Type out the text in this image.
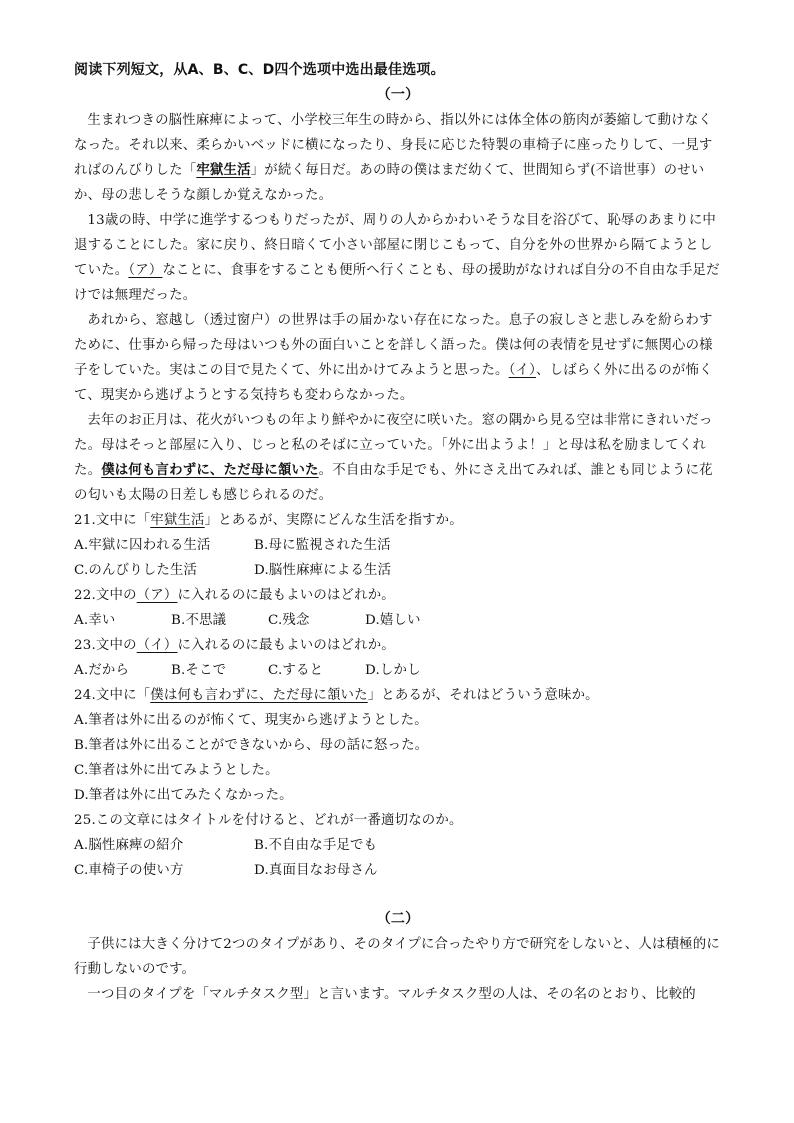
阅读下列短文，从A、B、C、D四个选项中选出最佳选项。
（一）

生まれつきの脳性麻痺によって、小学校三年生の時から、指以外には体全体の筋肉が萎縮して動けなくなった。それ以来、柔らかいベッドに横になったり、身長に応じた特製の車椅子に座ったりして、一見すればのんびりした「牢獄生活」が続く毎日だ。あの時の僕はまだ幼くて、世間知らず(不谙世事）のせいか、母の悲しそうな顔しか覚えなかった。

13歳の時、中学に進学するつもりだったが、周りの人からかわいそうな目を浴びて、恥辱のあまりに中退することにした。家に戻り、終日暗くて小さい部屋に閉じこもって、自分を外の世界から隔てようとしていた。（ア）なことに、食事をすることも便所へ行くことも、母の援助がなければ自分の不自由な手足だけでは無理だった。

あれから、窓越し（透过窗户）の世界は手の届かない存在になった。息子の寂しさと悲しみを紛らわすために、仕事から帰った母はいつも外の面白いことを詳しく語った。僕は何の表情を見せずに無関心の様子をしていた。実はこの目で見たくて、外に出かけてみようと思った。（イ）、しばらく外に出るのが怖くて、現実から逃げようとする気持ちも変わらなかった。

去年のお正月は、花火がいつもの年より鮮やかに夜空に咲いた。窓の隅から見る空は非常にきれいだった。母はそっと部屋に入り、じっと私のそばに立っていた。「外に出ようよ！」と母は私を励ましてくれた。僕は何も言わずに、ただ母に頷いた。不自由な手足でも、外にさえ出てみれば、誰とも同じように花の匂いも太陽の日差しも感じられるのだ。

21.文中に「牢獄生活」とあるが、実際にどんな生活を指すか。

A.牢獄に囚われる生活	B.母に監視された生活
C.のんびりした生活	D.脳性麻痺による生活

22.文中の（ア）に入れるのに最もよいのはどれか。

A.幸い	B.不思議	C.残念	D.嬉しい

23.文中の（イ）に入れるのに最もよいのはどれか。

A.だから	B.そこで	C.すると	D.しかし

24.文中に「僕は何も言わずに、ただ母に頷いた」とあるが、それはどういう意味か。

A.筆者は外に出るのが怖くて、現実から逃げようとした。

B.筆者は外に出ることができないから、母の話に怒った。

C.筆者は外に出てみようとした。

D.筆者は外に出てみたくなかった。

25.この文章にはタイトルを付けると、どれが一番適切なのか。

A.脳性麻痺の紹介	B.不自由な手足でも
C.車椅子の使い方	D.真面目なお母さん
（二）

子供には大きく分けて2つのタイプがあり、そのタイプに合ったやり方で研究をしないと、人は積極的に行動しないのです。

一つ目のタイプを「マルチタスク型」と言います。マルチタスク型の人は、その名のとおり、比較的
